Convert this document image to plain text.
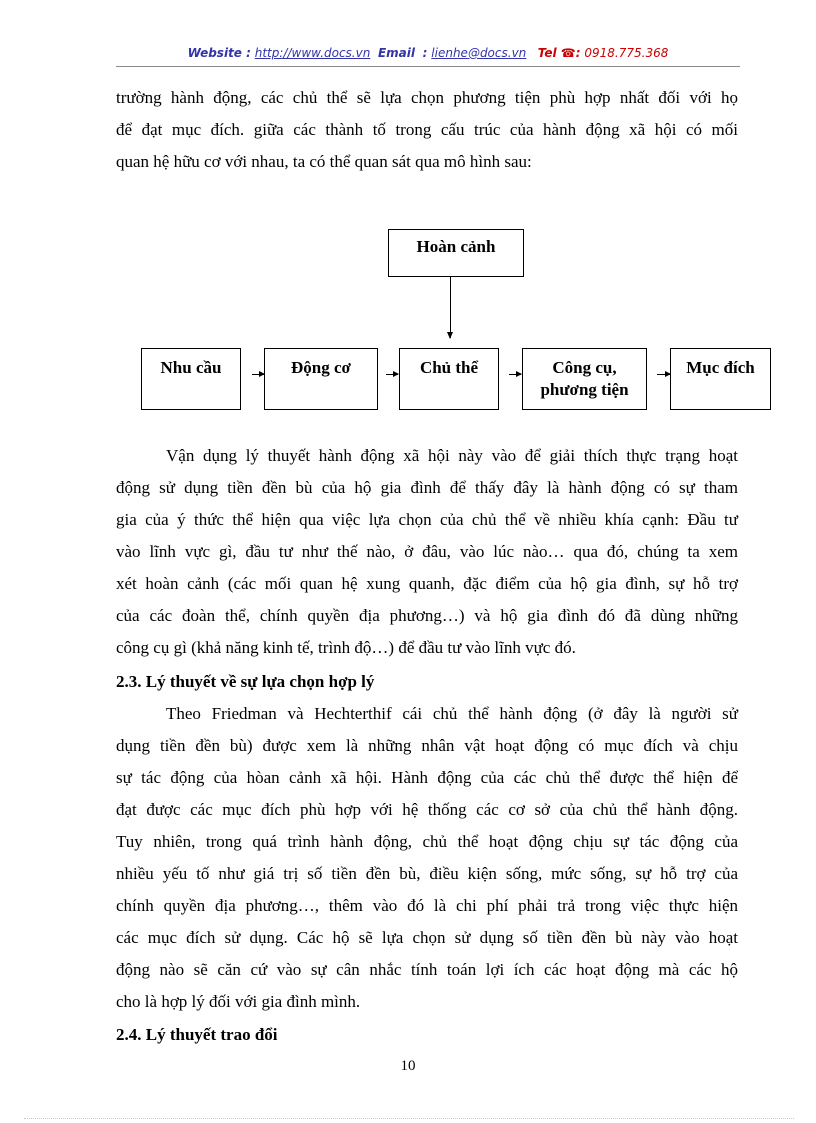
Website : http://www.docs.vn Email : lienhe@docs.vn Tel ☎: 0918.775.368
trường hành động, các chủ thể sẽ lựa chọn phương tiện phù hợp nhất đối với họ
để đạt mục đích. giữa các thành tố trong cấu trúc của hành động xã hội có mối
quan hệ hữu cơ với nhau, ta có thể quan sát qua mô hình sau:
Hoàn cảnh
Nhu cầu	Động cơ	Chủ thể	Công cụ,
phương tiện
Mục đích
Vận dụng lý thuyết hành động xã hội này vào để giải thích thực trạng hoạt
động sử dụng tiền đền bù của hộ gia đình để thấy đây là hành động có sự tham
gia của ý thức thể hiện qua việc lựa chọn của chủ thể về nhiều khía cạnh: Đầu tư
vào lĩnh vực gì, đầu tư như thế nào, ở đâu, vào lúc nào… qua đó, chúng ta xem
xét hoàn cảnh (các mối quan hệ xung quanh, đặc điểm của hộ gia đình, sự hỗ trợ
của các đoàn thể, chính quyền địa phương…) và hộ gia đình đó đã dùng những
công cụ gì (khả năng kinh tế, trình độ…) để đầu tư vào lĩnh vực đó.
2.3. Lý thuyết về sự lựa chọn hợp lý
Theo Friedman và Hechterthif cái chủ thể hành động (ở đây là người sử
dụng tiền đền bù) được xem là những nhân vật hoạt động có mục đích và chịu
sự tác động của hòan cảnh xã hội. Hành động của các chủ thể được thể hiện để
đạt được các mục đích phù hợp với hệ thống các cơ sở của chủ thể hành động.
Tuy nhiên, trong quá trình hành động, chủ thể hoạt động chịu sự tác động của
nhiều yếu tố như giá trị số tiền đền bù, điều kiện sống, mức sống, sự hỗ trợ của
chính quyền địa phương…, thêm vào đó là chi phí phải trả trong việc thực hiện
các mục đích sử dụng. Các hộ sẽ lựa chọn sử dụng số tiền đền bù này vào hoạt
động nào sẽ căn cứ vào sự cân nhắc tính toán lợi ích các hoạt động mà các hộ
cho là hợp lý đối với gia đình mình.
2.4. Lý thuyết trao đổi
10
